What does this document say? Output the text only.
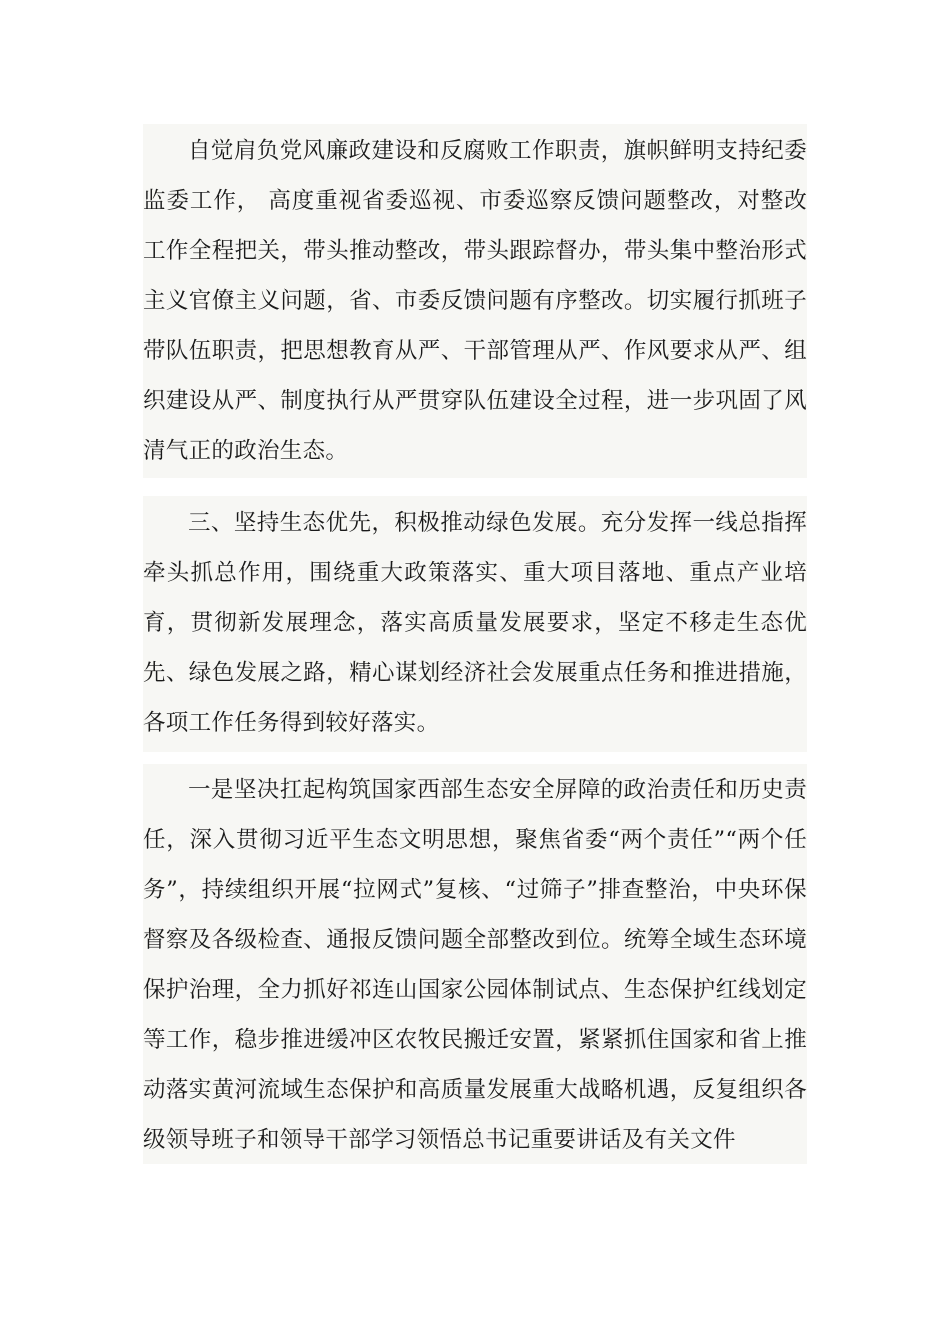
自觉肩负党风廉政建设和反腐败工作职责，旗帜鲜明支持纪委监委工作， 高度重视省委巡视、市委巡察反馈问题整改，对整改工作全程把关，带头推动整改，带头跟踪督办，带头集中整治形式主义官僚主义问题，省、市委反馈问题有序整改。切实履行抓班子带队伍职责，把思想教育从严、干部管理从严、作风要求从严、组织建设从严、制度执行从严贯穿队伍建设全过程，进一步巩固了风清气正的政治生态。

三、坚持生态优先，积极推动绿色发展。充分发挥一线总指挥牵头抓总作用，围绕重大政策落实、重大项目落地、重点产业培育，贯彻新发展理念，落实高质量发展要求，坚定不移走生态优先、绿色发展之路，精心谋划经济社会发展重点任务和推进措施，各项工作任务得到较好落实。

一是坚决扛起构筑国家西部生态安全屏障的政治责任和历史责任，深入贯彻习近平生态文明思想，聚焦省委“两个责任”“两个任务”，持续组织开展“拉网式”复核、“过筛子”排查整治，中央环保督察及各级检查、通报反馈问题全部整改到位。统筹全域生态环境保护治理，全力抓好祁连山国家公园体制试点、生态保护红线划定等工作，稳步推进缓冲区农牧民搬迁安置，紧紧抓住国家和省上推动落实黄河流域生态保护和高质量发展重大战略机遇，反复组织各级领导班子和领导干部学习领悟总书记重要讲话及有关文件
